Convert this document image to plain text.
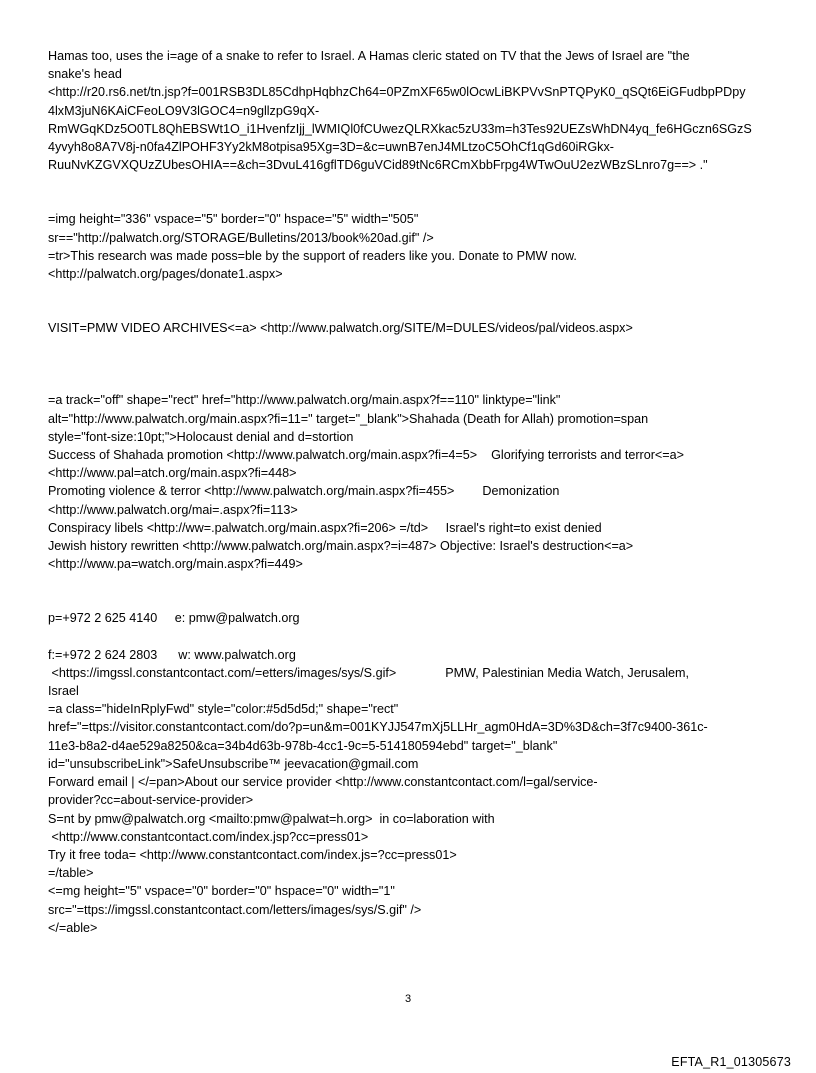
Hamas too, uses the i=age of a snake to refer to Israel. A Hamas cleric stated on TV that the Jews of Israel are "the
snake's head
<http://r20.rs6.net/tn.jsp?f=001RSB3DL85CdhpHqbhzCh64=0PZmXF65w0lOcwLiBKPVvSnPTQPyK0_qSQt6EiGFudbpPDpy
4lxM3juN6KAiCFeoLO9V3lGOC4=n9gllzpG9qX-
RmWGqKDz5O0TL8QhEBSWt1O_i1HvenfzIjj_lWMIQl0fCUwezQLRXkac5zU33m=h3Tes92UEZsWhDN4yq_fe6HGczn6SGzS
4yvyh8o8A7V8j-n0fa4ZlPOHF3Yy2kM8otpisa95Xg=3D=&c=uwnB7enJ4MLtzoC5OhCf1qGd60iRGkx-
RuuNvKZGVXQUzZUbesOHIA==&ch=3DvuL416gflTD6guVCid89tNc6RCmXbbFrpg4WTwOuU2ezWBzSLnro7g==> ."
=img height="336" vspace="5" border="0" hspace="5" width="505"
sr=="http://palwatch.org/STORAGE/Bulletins/2013/book%20ad.gif" />
=tr>This research was made poss=ble by the support of readers like you. Donate to PMW now.
<http://palwatch.org/pages/donate1.aspx>
VISIT=PMW VIDEO ARCHIVES<=a> <http://www.palwatch.org/SITE/M=DULES/videos/pal/videos.aspx>
=a track="off" shape="rect" href="http://www.palwatch.org/main.aspx?f==110" linktype="link"
alt="http://www.palwatch.org/main.aspx?fi=11=" target="_blank">Shahada (Death for Allah) promotion=span
style="font-size:10pt;">Holocaust denial and d=stortion
Success of Shahada promotion <http://www.palwatch.org/main.aspx?fi=4=5>    Glorifying terrorists and terror<=a>
<http://www.pal=atch.org/main.aspx?fi=448>
Promoting violence & terror <http://www.palwatch.org/main.aspx?fi=455>        Demonization
<http://www.palwatch.org/mai=.aspx?fi=113>
Conspiracy libels <http://ww=.palwatch.org/main.aspx?fi=206> =/td>     Israel's right=to exist denied
Jewish history rewritten <http://www.palwatch.org/main.aspx?=i=487> Objective: Israel's destruction<=a>
<http://www.pa=watch.org/main.aspx?fi=449>
p=+972 2 625 4140     e: pmw@palwatch.org
f:=+972 2 624 2803      w: www.palwatch.org
<https://imgssl.constantcontact.com/=etters/images/sys/S.gif>              PMW, Palestinian Media Watch, Jerusalem,
Israel
=a class="hideInRplyFwd" style="color:#5d5d5d;" shape="rect"
href="=ttps://visitor.constantcontact.com/do?p=un&m=001KYJJ547mXj5LLHr_agm0HdA=3D%3D&ch=3f7c9400-361c-
11e3-b8a2-d4ae529a8250&ca=34b4d63b-978b-4cc1-9c=5-514180594ebd" target="_blank"
id="unsubscribeLink">SafeUnsubscribe™ jeevacation@gmail.com
Forward email | </=pan>About our service provider <http://www.constantcontact.com/l=gal/service-
provider?cc=about-service-provider>
S=nt by pmw@palwatch.org <mailto:pmw@palwat=h.org>  in co=laboration with
<http://www.constantcontact.com/index.jsp?cc=press01>
Try it free toda= <http://www.constantcontact.com/index.js=?cc=press01>
=/table>
<=mg height="5" vspace="0" border="0" hspace="0" width="1"
src="=ttps://imgssl.constantcontact.com/letters/images/sys/S.gif" />
</=able>
3
EFTA_R1_01305673
